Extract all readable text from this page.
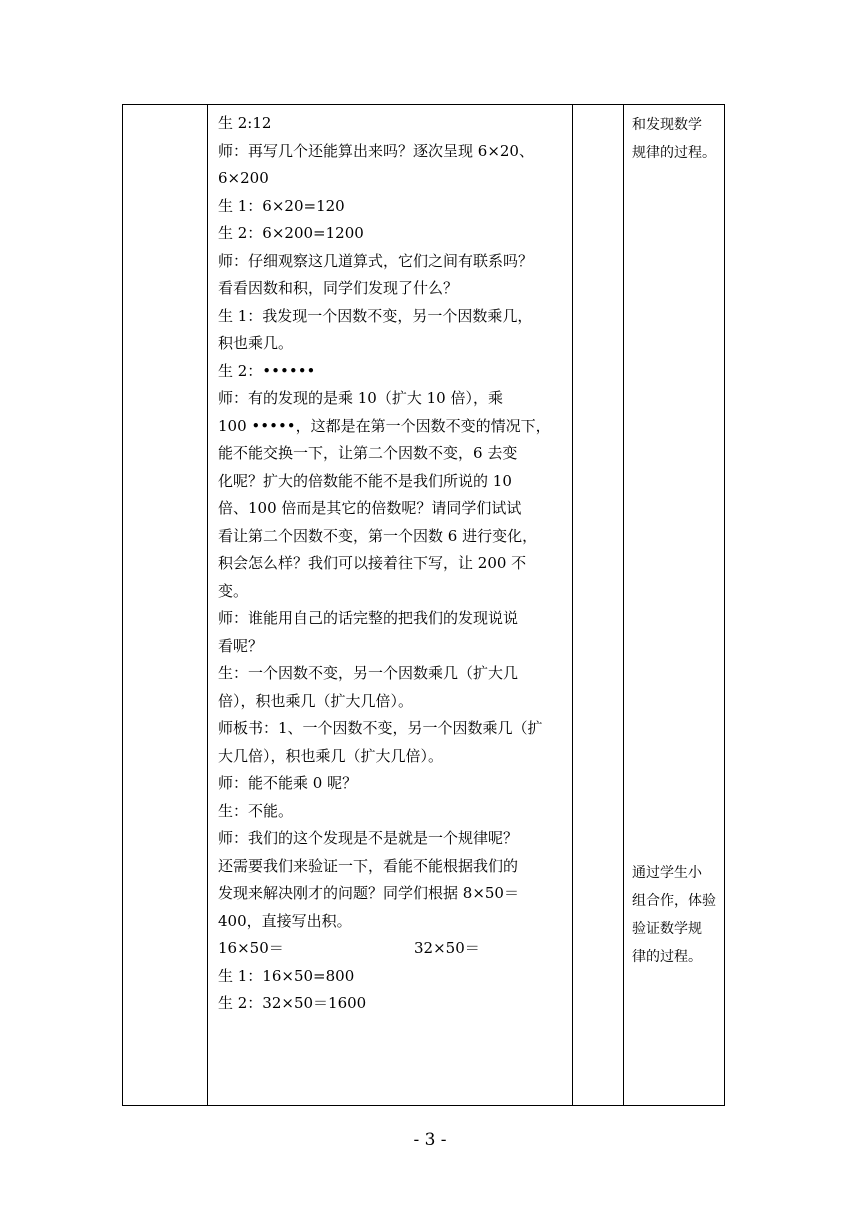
生 2:12
师：再写几个还能算出来吗？逐次呈现 6×20、
6×200
生 1：6×20=120
生 2：6×200=1200
师：仔细观察这几道算式，它们之间有联系吗？
看看因数和积，同学们发现了什么？
生 1：我发现一个因数不变，另一个因数乘几，
积也乘几。
生 2：••••••
师：有的发现的是乘 10（扩大 10 倍），乘
100 •••••，这都是在第一个因数不变的情况下，
能不能交换一下，让第二个因数不变，6 去变
化呢？扩大的倍数能不能不是我们所说的 10
倍、100 倍而是其它的倍数呢？请同学们试试
看让第二个因数不变，第一个因数 6 进行变化，
积会怎么样？我们可以接着往下写，让 200 不
变。
师：谁能用自己的话完整的把我们的发现说说
看呢？
生：一个因数不变，另一个因数乘几（扩大几
倍），积也乘几（扩大几倍）。
师板书：1、一个因数不变，另一个因数乘几（扩
大几倍），积也乘几（扩大几倍）。
师：能不能乘 0 呢？
生：不能。
师：我们的这个发现是不是就是一个规律呢？
还需要我们来验证一下，看能不能根据我们的
发现来解决刚才的问题？同学们根据 8×50＝
400，直接写出积。
16×50＝	32×50＝
生 1：16×50=800
生 2：32×50＝1600
和发现数学
规律的过程。
通过学生小
组合作，体验
验证数学规
律的过程。
- 3 -
